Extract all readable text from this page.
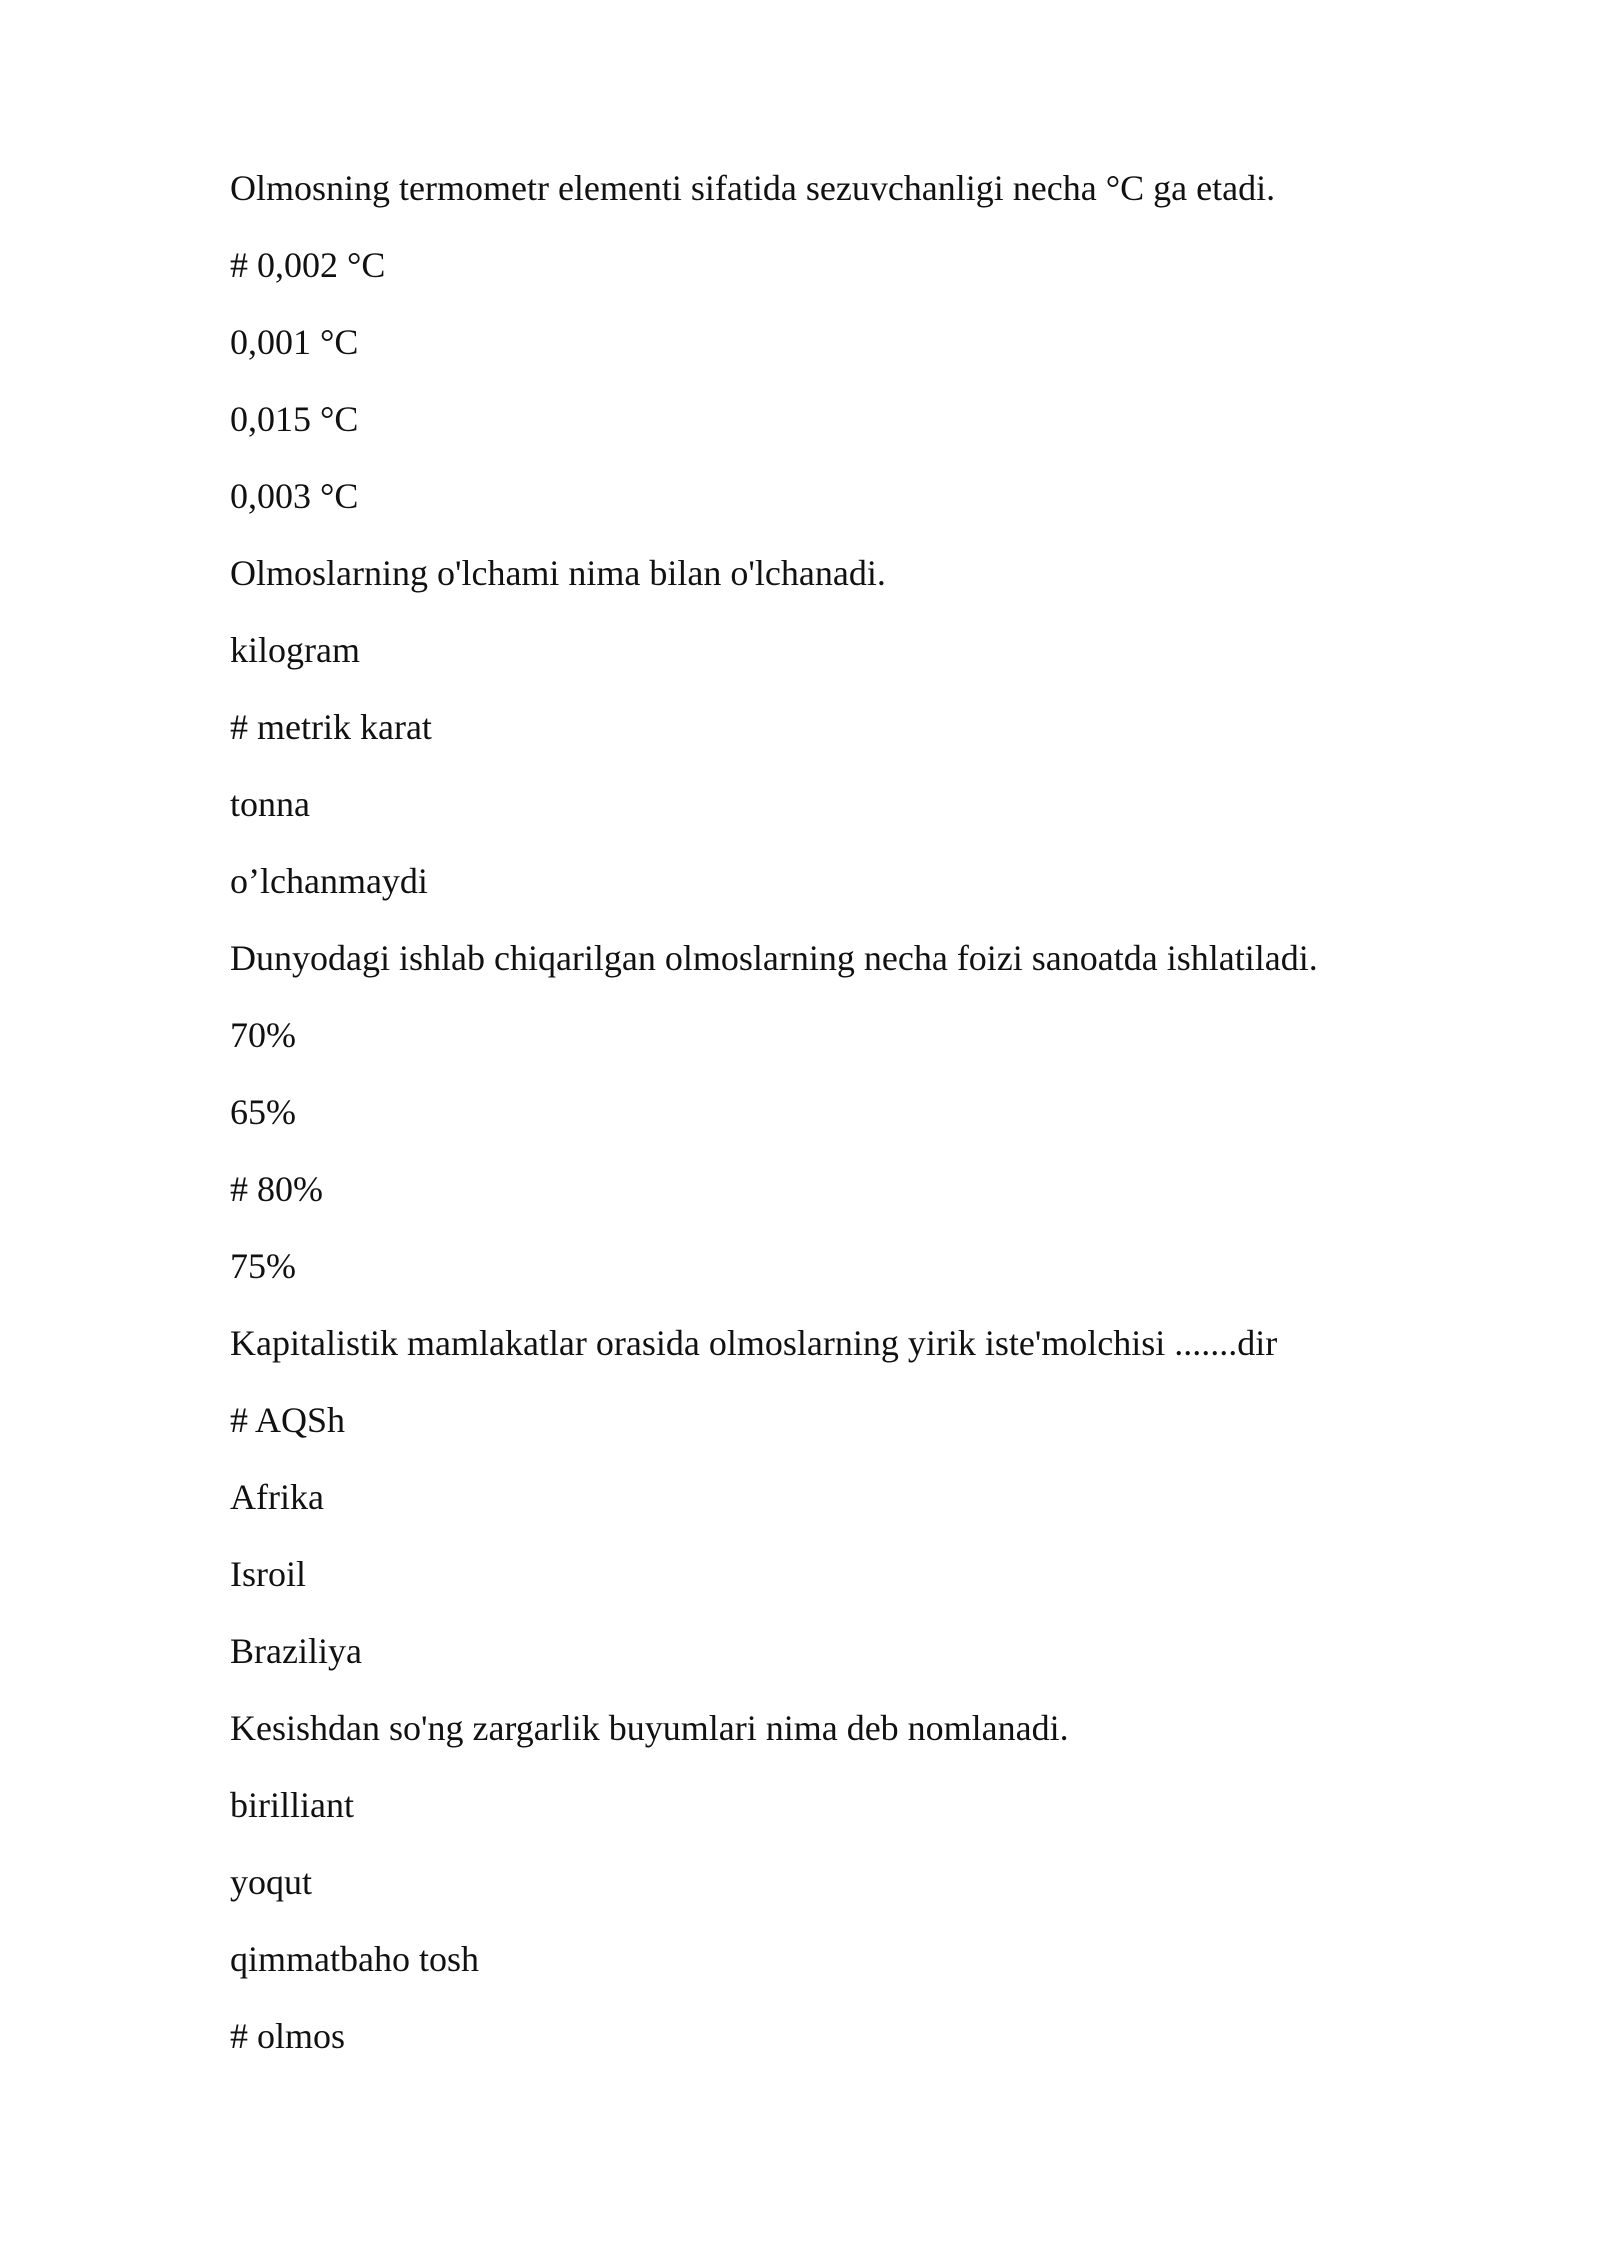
Olmosning termometr elementi sifatida sezuvchanligi necha °C ga etadi.
# 0,002 °C
0,001 °C
0,015 °C
0,003 °C
Olmoslarning o'lchami nima bilan o'lchanadi.
kilogram
# metrik karat
tonna
o’lchanmaydi
Dunyodagi ishlab chiqarilgan olmoslarning necha foizi sanoatda ishlatiladi.
70%
65%
# 80%
75%
Kapitalistik mamlakatlar orasida olmoslarning yirik iste'molchisi .......dir
# AQSh
Afrika
Isroil
Braziliya
Kesishdan so'ng zargarlik buyumlari nima deb nomlanadi.
birilliant
yoqut
qimmatbaho tosh
# olmos
